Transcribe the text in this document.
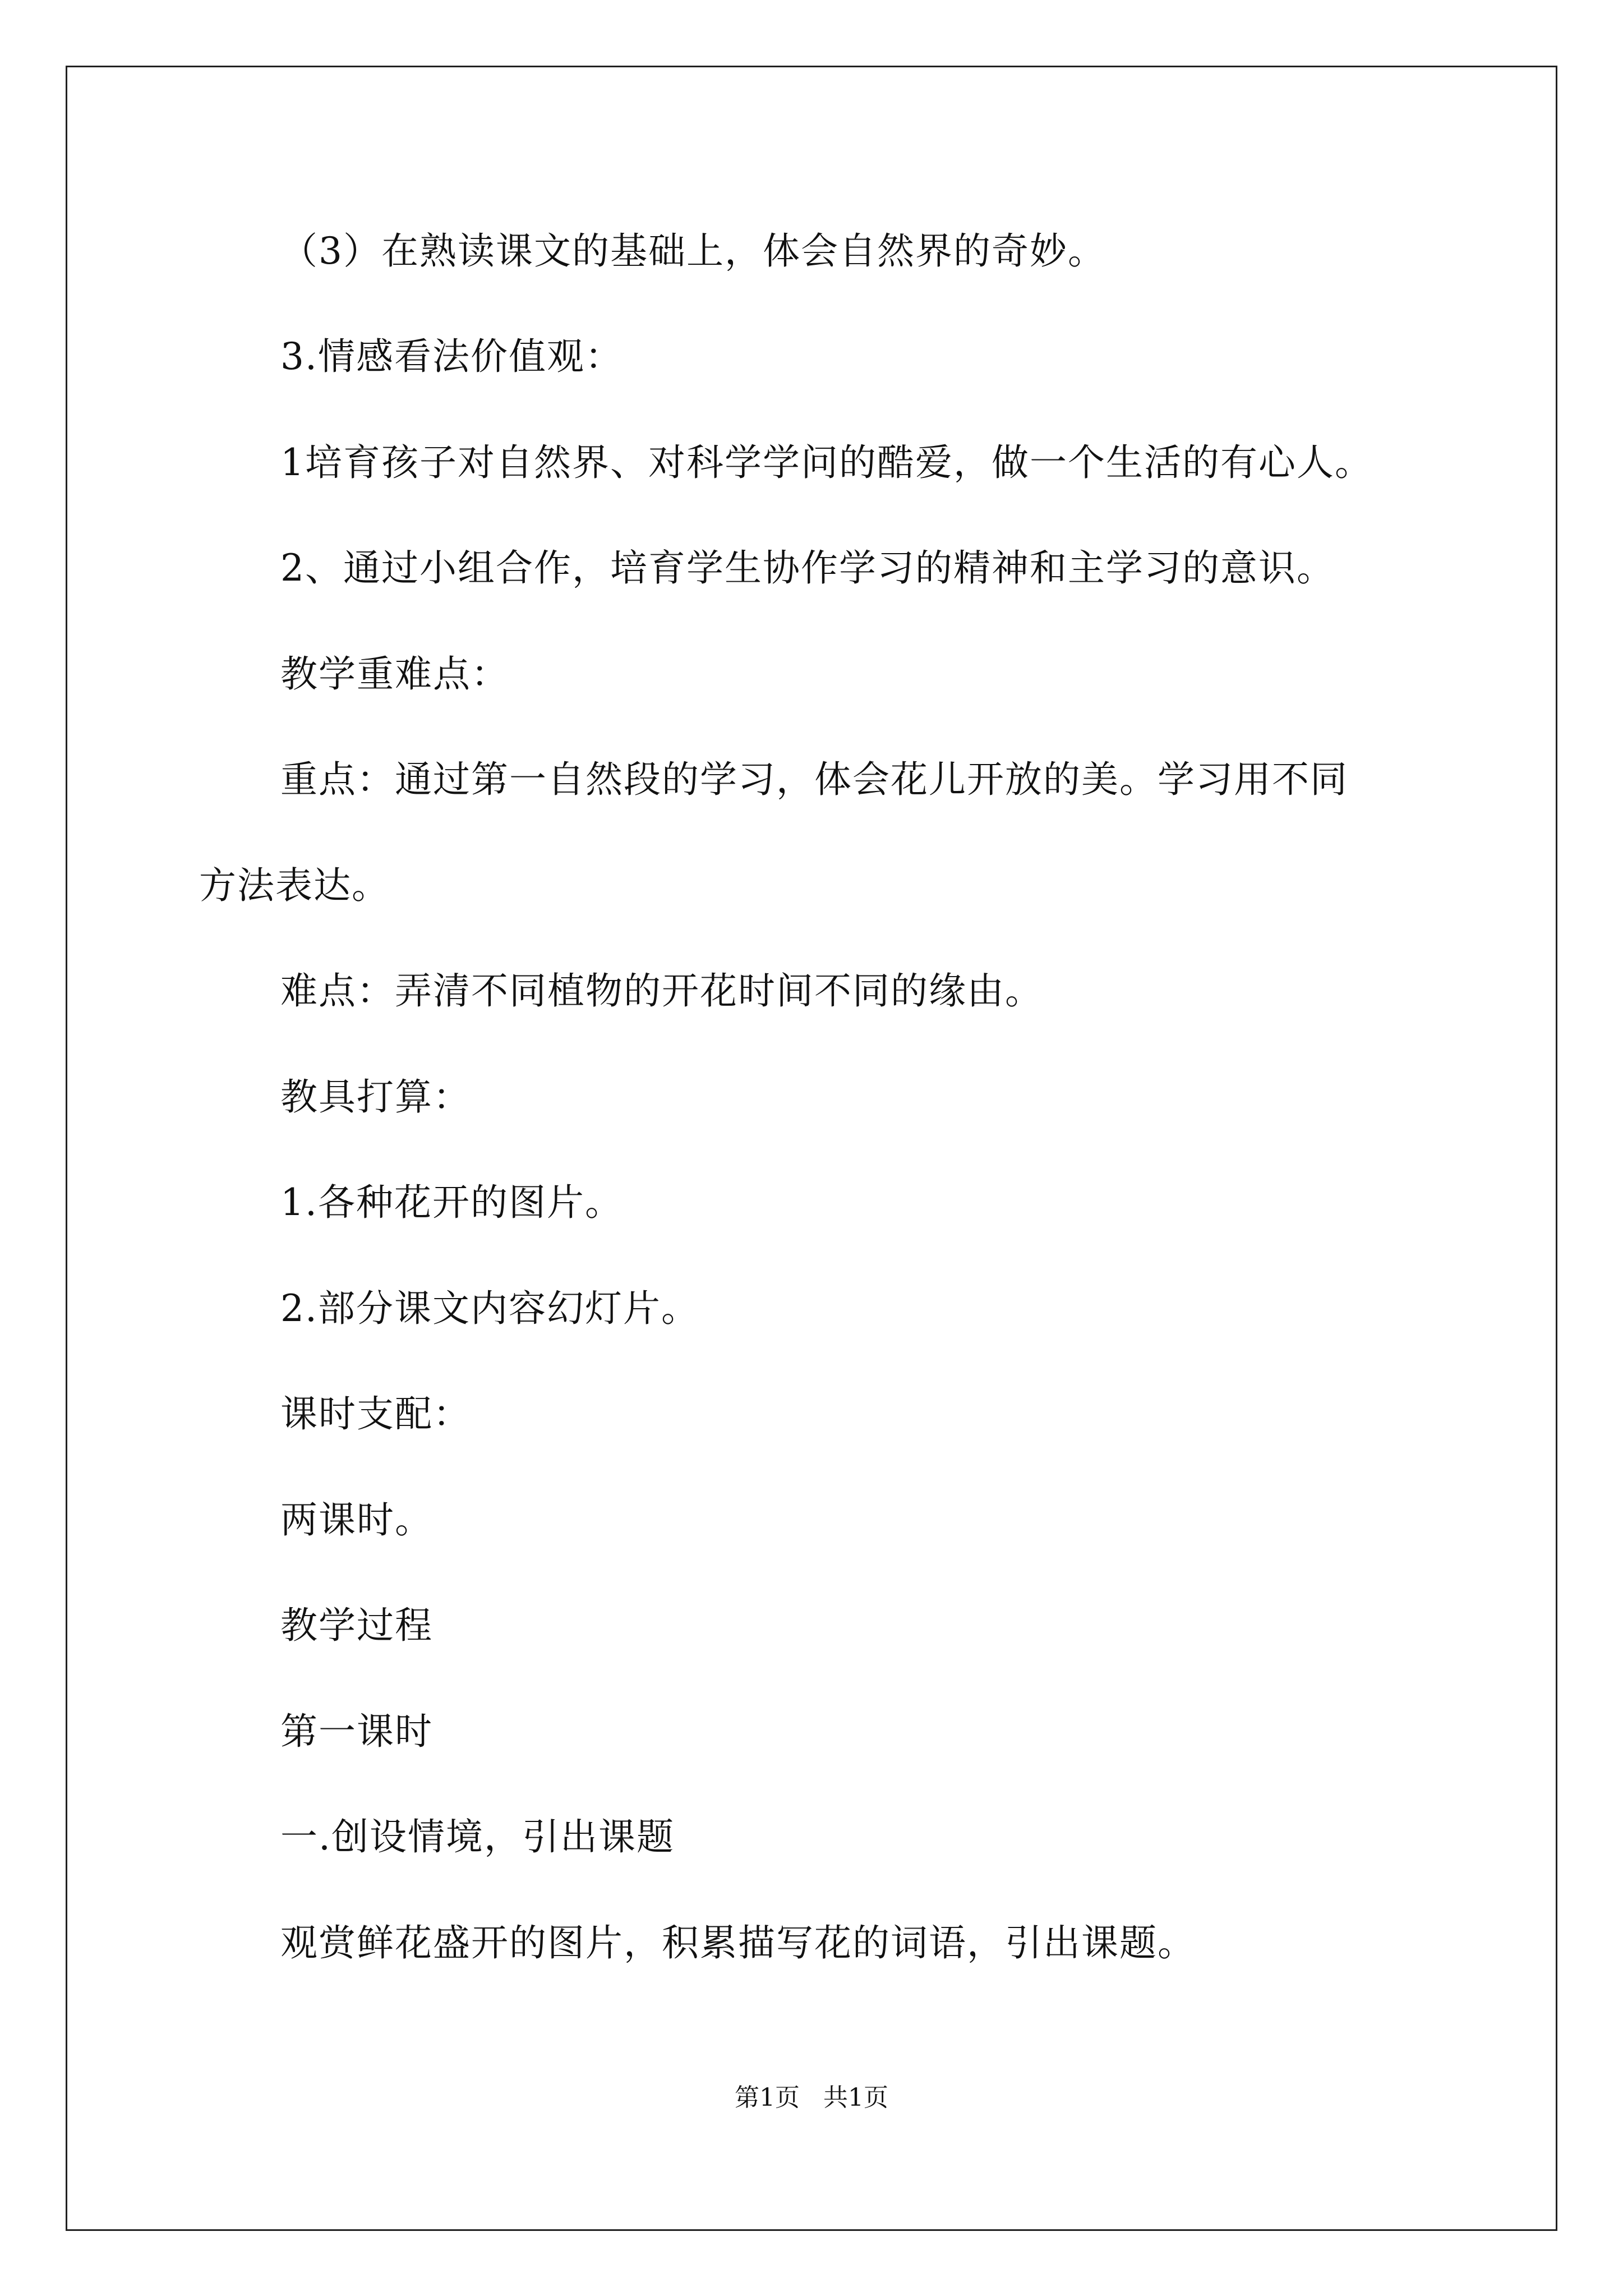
（3）在熟读课文的基础上，体会自然界的奇妙。
3.情感看法价值观：
1培育孩子对自然界、对科学学问的酷爱，做一个生活的有心人。
2、通过小组合作，培育学生协作学习的精神和主学习的意识。
教学重难点：
重点：通过第一自然段的学习，体会花儿开放的美。学习用不同
方法表达。
难点：弄清不同植物的开花时间不同的缘由。
教具打算：
1.各种花开的图片。
2.部分课文内容幻灯片。
课时支配：
两课时。
教学过程
第一课时
一.创设情境，引出课题
观赏鲜花盛开的图片，积累描写花的词语，引出课题。
第1页   共1页
